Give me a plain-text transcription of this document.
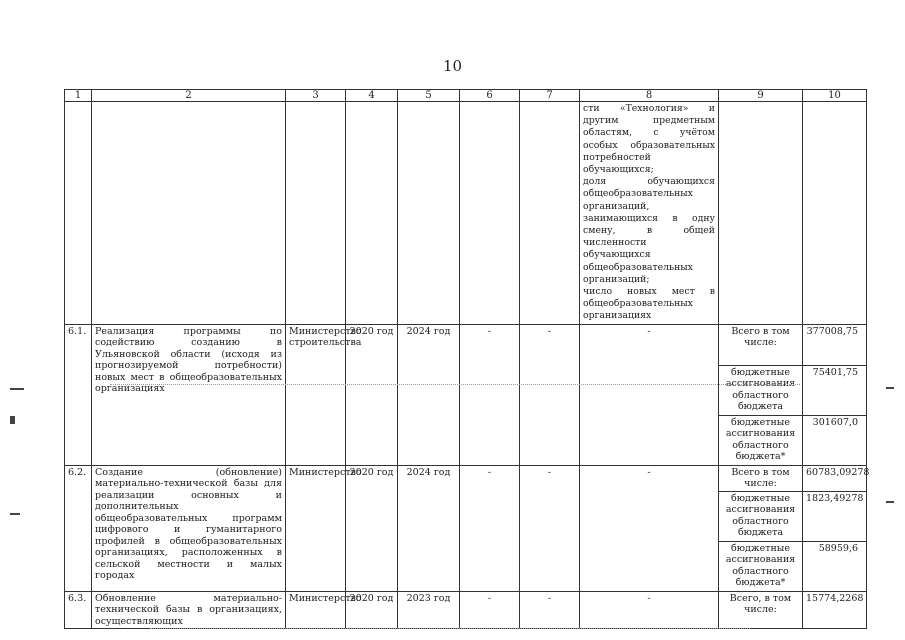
10
1	2	3	4	5	6	7	8	9	10
							сти «Технология» и другим предметным областям, с учётом особых образовательных потребностей обучающихся;
доля обучающихся общеобразовательных организаций, занимающихся в одну смену, в общей численности обучающихся общеобразовательных организаций;
число новых мест в общеобразовательных организациях		
6.1.	Реализация программы по содействию созданию в Ульяновской области (исходя из прогнозируемой потребности) новых мест в общеобразовательных организациях	Министерство строительства	2020 год	2024 год	-	-	-	Всего в том числе:	377008,75
								бюджетные ассигнования областного бюджета	75401,75
								бюджетные ассигнования областного бюджета*	301607,0
6.2.	Создание (обновление) материально-технической базы для реализации основных и дополнительных общеобразовательных программ цифрового и гуманитарного профилей в общеобразовательных организациях, расположенных в сельской местности и малых городах	Министерство	2020 год	2024 год	-	-	-	Всего в том числе:	60783,09278
								бюджетные ассигнования областного бюджета	1823,49278
								бюджетные ассигнования областного бюджета*	58959,6
6.3.	Обновление материально-технической базы в организациях, осуществляющих	Министерство	2020 год	2023 год	-	-	-	Всего, в том числе:	15774,2268
